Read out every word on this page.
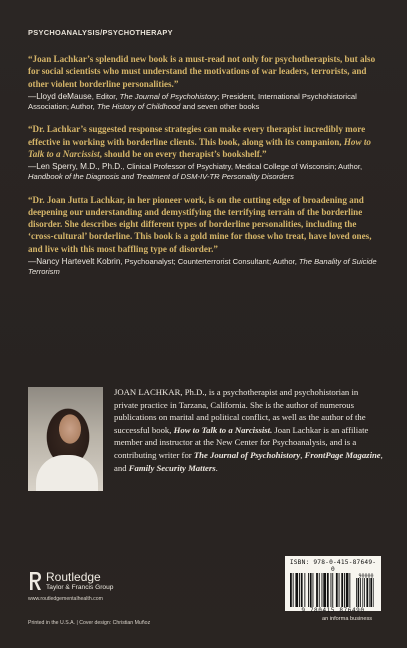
PSYCHOANALYSIS/PSYCHOTHERAPY
“Joan Lachkar’s splendid new book is a must-read not only for psychotherapists, but also for social scientists who must understand the motivations of war leaders, terrorists, and other violent borderline personalities.”
—Lloyd deMause, Editor, The Journal of Psychohistory; President, International Psychohistorical Association; Author, The History of Childhood and seven other books
“Dr. Lachkar’s suggested response strategies can make every therapist incredibly more effective in working with borderline clients. This book, along with its companion, How to Talk to a Narcissist, should be on every therapist’s bookshelf.”
—Len Sperry, M.D., Ph.D., Clinical Professor of Psychiatry, Medical College of Wisconsin; Author, Handbook of the Diagnosis and Treatment of DSM-IV-TR Personality Disorders
“Dr. Joan Jutta Lachkar, in her pioneer work, is on the cutting edge of broadening and deepening our understanding and demystifying the terrifying terrain of the borderline disorder. She describes eight different types of borderline personalities, including the ‘cross-cultural’ borderline. This book is a gold mine for those who treat, have loved ones, and live with this most baffling type of disorder.”
—Nancy Hartevelt Kobrin, Psychoanalyst; Counterterrorist Consultant; Author, The Banality of Suicide Terrorism
JOAN LACHKAR, Ph.D., is a psychotherapist and psychohistorian in private practice in Tarzana, California. She is the author of numerous publications on marital and political conflict, as well as the author of the successful book, How to Talk to a Narcissist. Joan Lachkar is an affiliate member and instructor at the New Center for Psychoanalysis, and is a contributing writer for The Journal of Psychohistory, FrontPage Magazine, and Family Security Matters.
Routledge
Taylor & Francis Group
www.routledgementalhealth.com
Printed in the U.S.A. | Cover design: Christian Muñoz
ISBN: 978-0-415-87649-0
90000
9 780415 876490
an informa business
